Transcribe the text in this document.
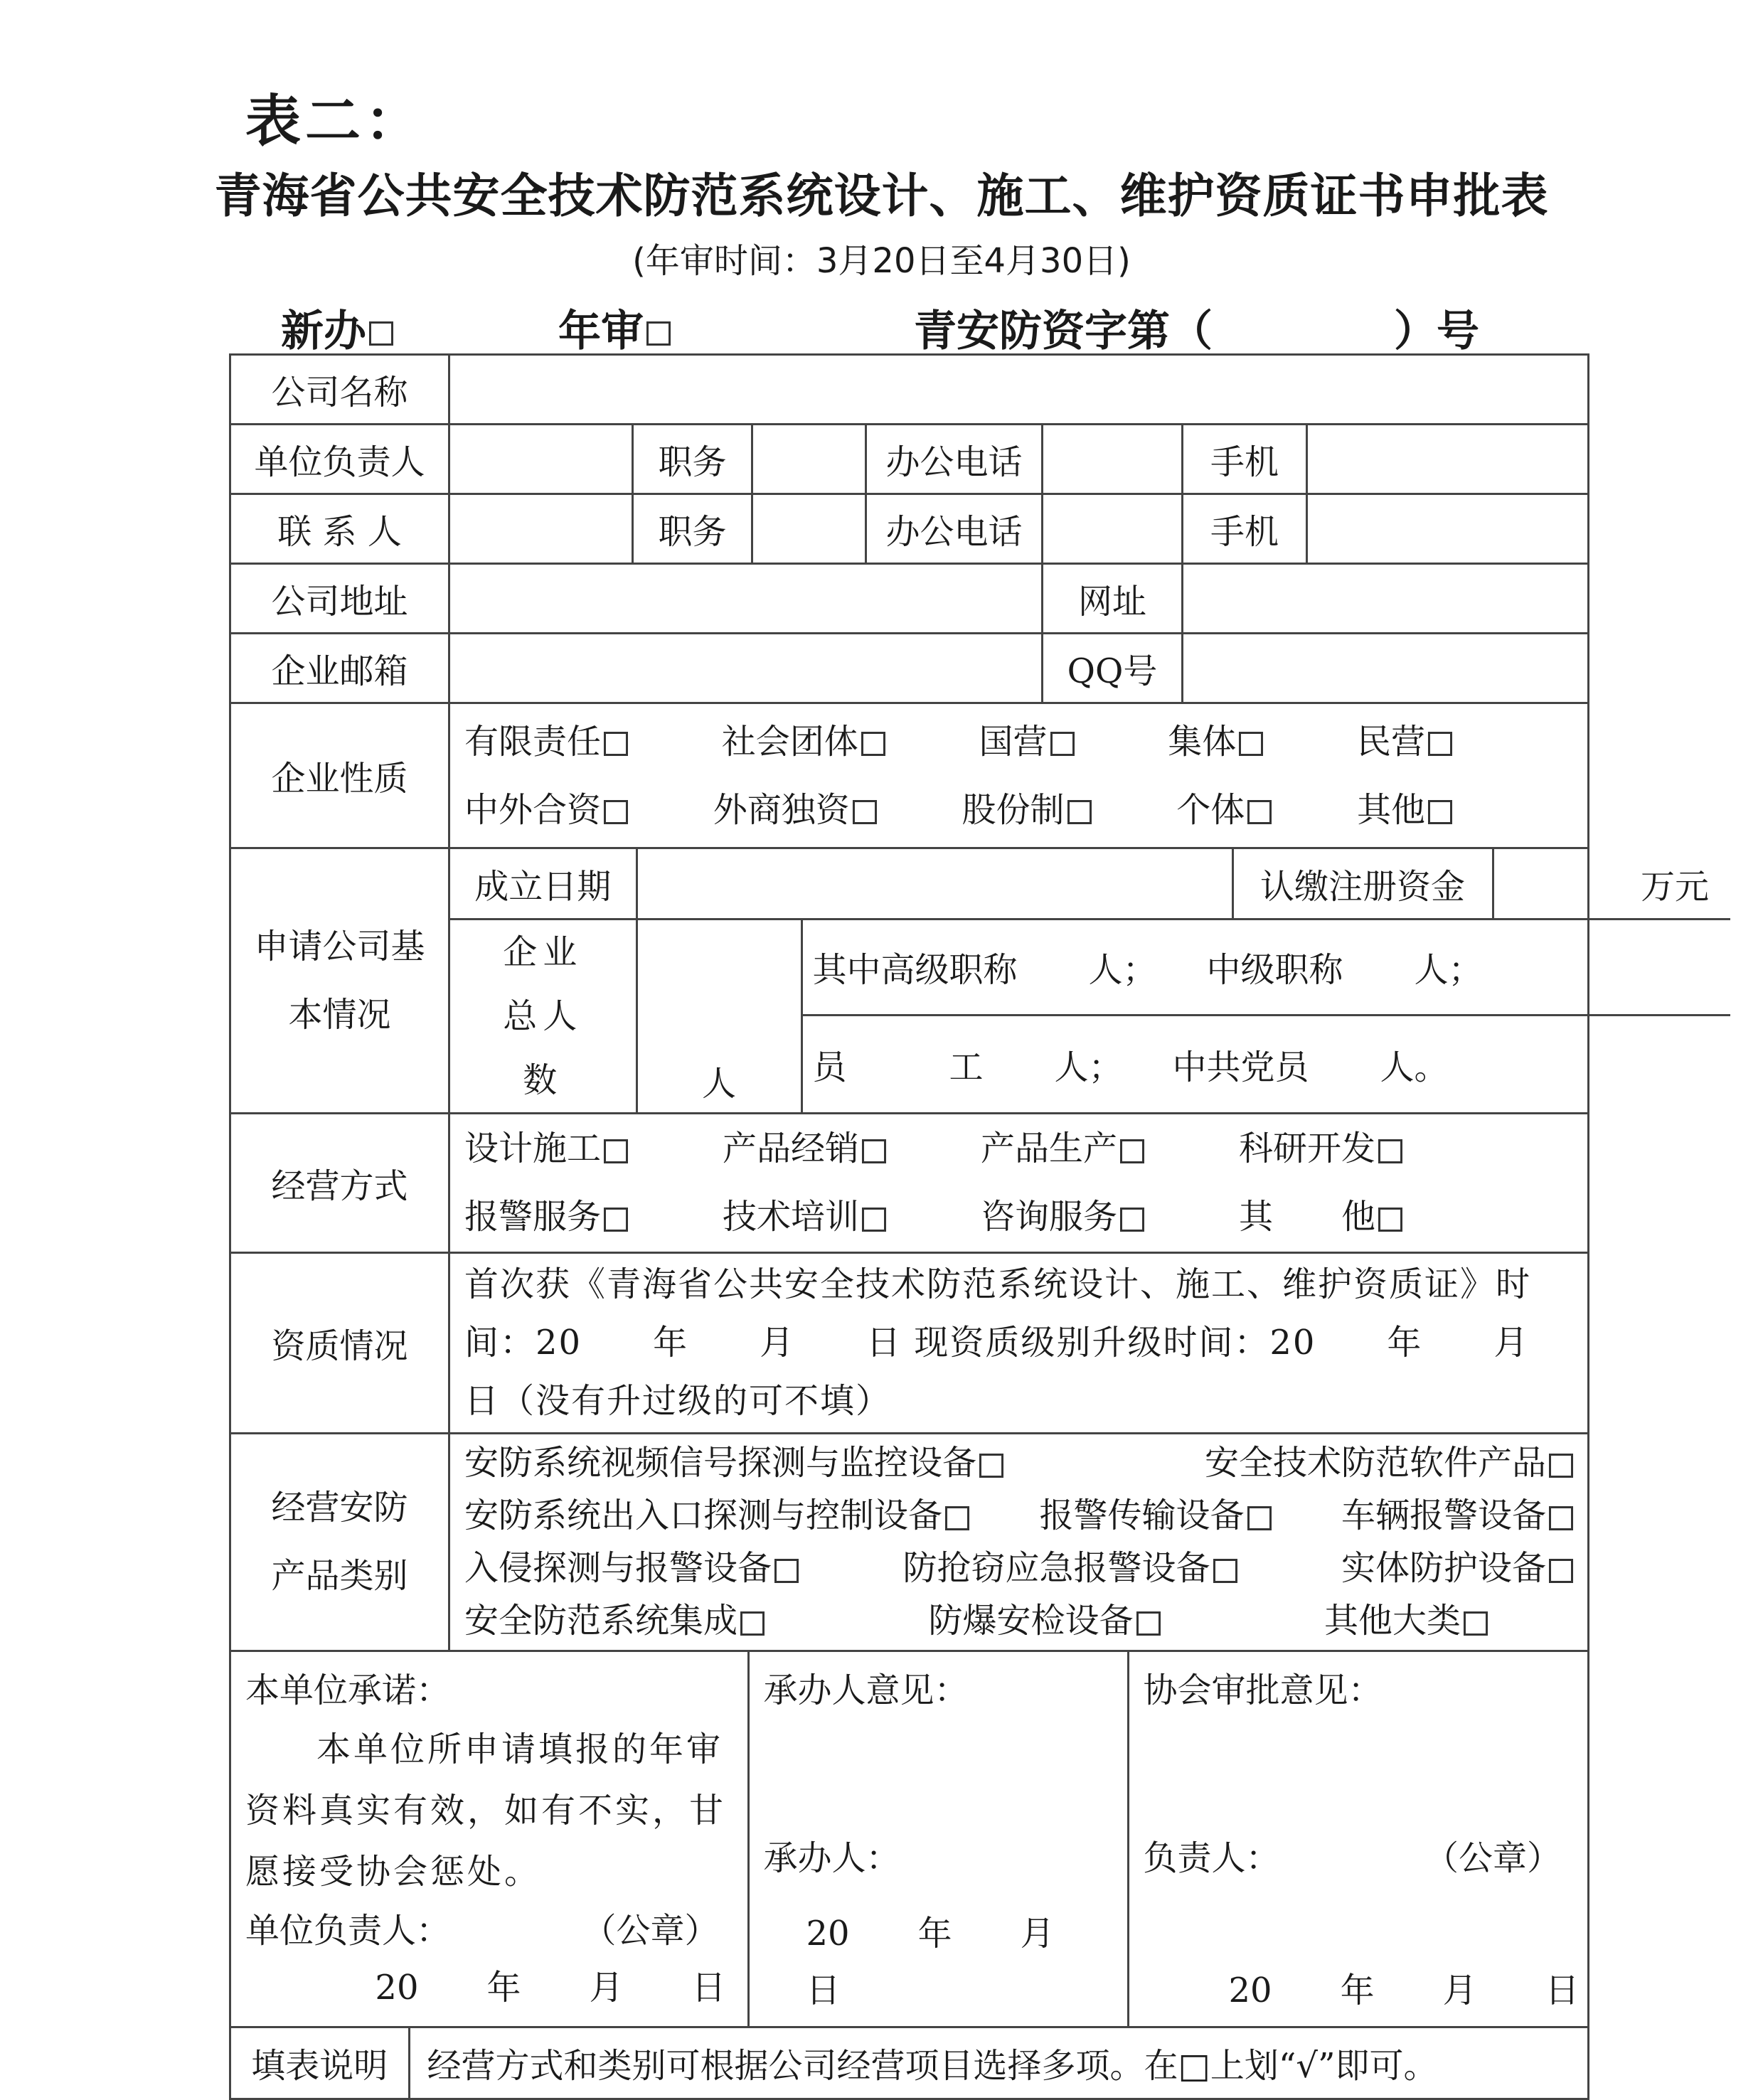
表二：
青海省公共安全技术防范系统设计、施工、维护资质证书申批表
(年审时间：3月20日至4月30日)
新办	年审	青安防资字第（	）号
公司名称	
单位负责人		职务		办公电话		手机	
联 系 人		职务		办公电话		手机	
公司地址		网址	
企业邮箱		QQ号	
企业性质	
有限责任	社会团体	国营	集体	民营
中外合资	外商独资	股份制	个体	其他

申请公司基本情况

成立日期		认缴注册资金	万元

企业总人数	人	其中高级职称 人； 中级职称 人；
员　　　工 人； 中共党员 人。

经营方式	
设计施工	产品经销	产品生产	科研开发
报警服务	技术培训	咨询服务	其　　他

资质情况	首次获《青海省公共安全技术防范系统设计、施工、维护资质证》时间：20　　年　　月　　日 现资质级别升级时间：20　　年　　月　　日（没有升过级的可不填）

经营安防产品类别

安防系统视频信号探测与监控设备	安全技术防范软件产品
安防系统出入口探测与控制设备	报警传输设备	车辆报警设备
入侵探测与报警设备	防抢窃应急报警设备	实体防护设备
安全防范系统集成	防爆安检设备	其他大类

本单位承诺：
本单位所申请填报的年审资料真实有效，如有不实，甘愿接受协会惩处。
单位负责人：	（公章）
20　　年　　月　　日

承办人意见：
承办人：
20　　年　　月　　日

协会审批意见：
负责人：	（公章）
20　　年　　月　　日

填表说明	经营方式和类别可根据公司经营项目选择多项。在□上划“√”即可。
